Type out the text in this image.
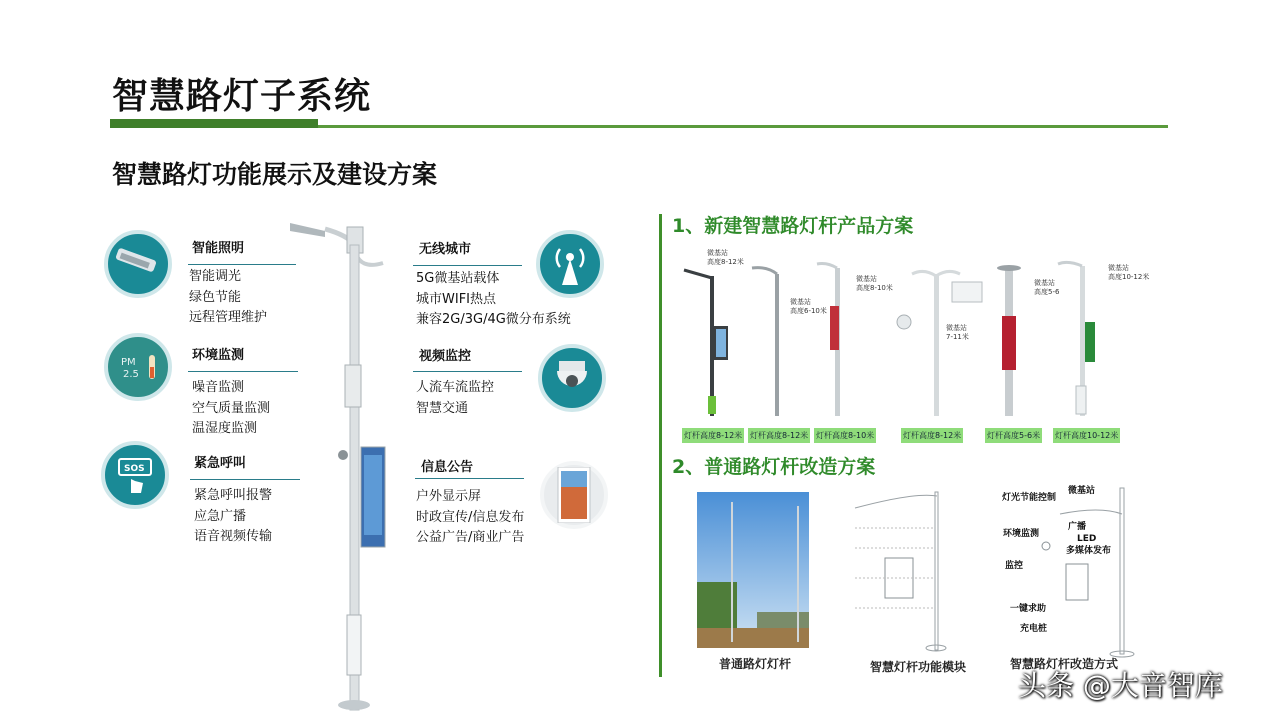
智慧路灯子系统
智慧路灯功能展示及建设方案
智能照明
智能调光
绿色节能
远程管理维护
PM
2.5
环境监测
噪音监测
空气质量监测
温湿度监测
SOS	紧急呼叫
紧急呼叫报警
应急广播
语音视频传输
无线城市
5G微基站载体
城市WIFI热点
兼容2G/3G/4G微分布系统
视频监控
人流车流监控
智慧交通
信息公告
户外显示屏
时政宣传/信息发布
公益广告/商业广告
1、新建智慧路灯杆产品方案
微基站
高度8-12米
微基站
高度6-10米
微基站
高度8-10米
微基站
7-11米
微基站
高度5-6
微基站
高度10-12米
灯杆高度8-12米 灯杆高度8-12米 灯杆高度8-10米	灯杆高度8-12米	灯杆高度5-6米 灯杆高度10-12米
2、普通路灯杆改造方案
普通路灯灯杆	智慧灯杆功能模块
灯光节能控制
微基站
环境监测
广播
LED
多媒体发布
监控
一键求助
充电桩
智慧路灯杆改造方式
头条 @大音智库
